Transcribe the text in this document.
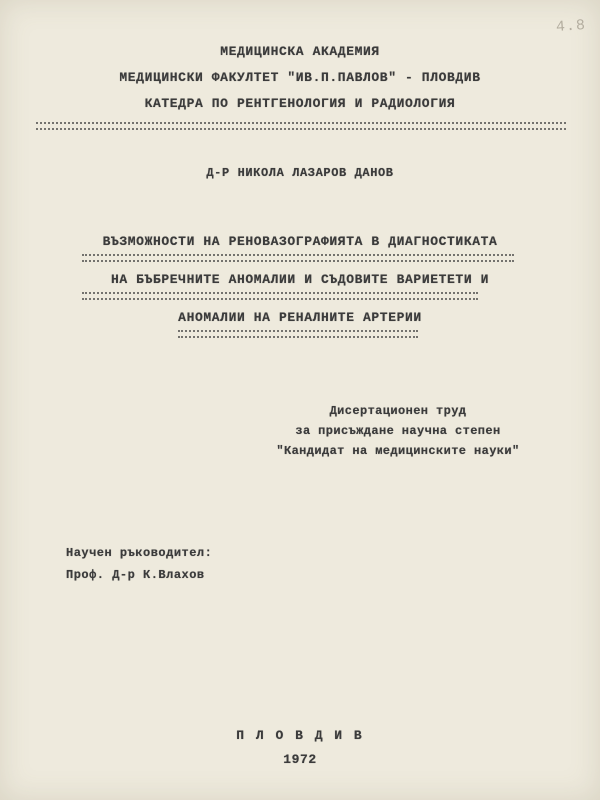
4.8
МЕДИЦИНСКА АКАДЕМИЯ
МЕДИЦИНСКИ ФАКУЛТЕТ "ИВ.П.ПАВЛОВ" - ПЛОВДИВ
КАТЕДРА ПО РЕНТГЕНОЛОГИЯ И РАДИОЛОГИЯ
Д-Р НИКОЛА ЛАЗАРОВ ДАНОВ
ВЪЗМОЖНОСТИ НА РЕНОВАЗОГРАФИЯТА В ДИАГНОСТИКАТА
НА БЪБРЕЧНИТЕ АНОМАЛИИ И СЪДОВИТЕ ВАРИЕТЕТИ И
АНОМАЛИИ НА РЕНАЛНИТЕ АРТЕРИИ
Дисертационен труд
за присъждане научна степен
"Кандидат на медицинските науки"
Научен ръководител:
Проф. Д-р К.Влахов
П Л О В Д И В
1972
